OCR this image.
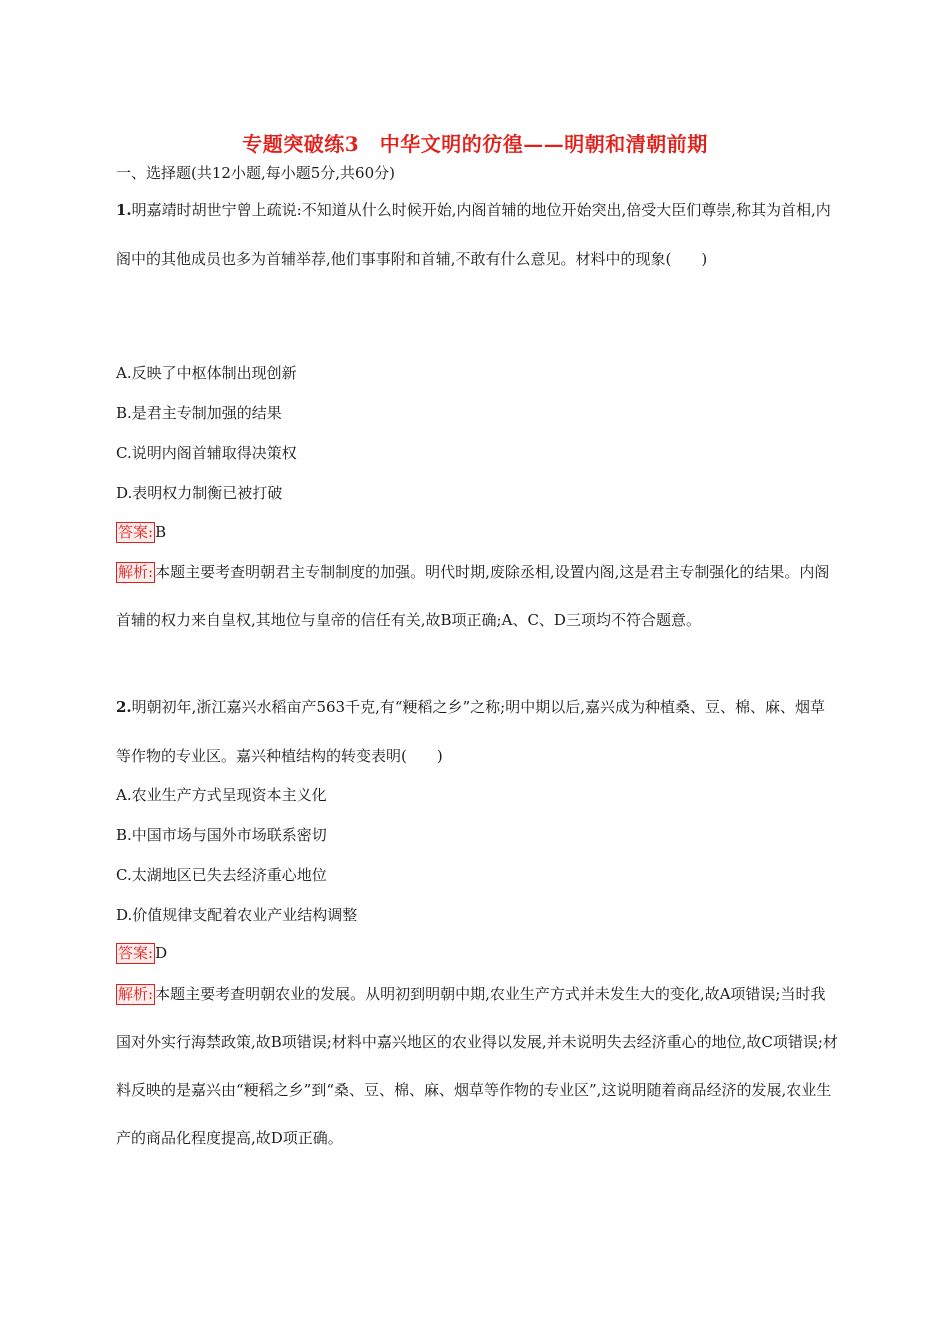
专题突破练3　中华文明的彷徨——明朝和清朝前期
一、选择题(共12小题,每小题5分,共60分)

1.明嘉靖时胡世宁曾上疏说:不知道从什么时候开始,内阁首辅的地位开始突出,倍受大臣们尊崇,称其为首相,内阁中的其他成员也多为首辅举荐,他们事事附和首辅,不敢有什么意见。材料中的现象(　　)

A.反映了中枢体制出现创新

B.是君主专制加强的结果

C.说明内阁首辅取得决策权

D.表明权力制衡已被打破

答案: B

解析: 本题主要考查明朝君主专制制度的加强。明代时期,废除丞相,设置内阁,这是君主专制强化的结果。内阁首辅的权力来自皇权,其地位与皇帝的信任有关,故B项正确;A、C、D三项均不符合题意。

2.明朝初年,浙江嘉兴水稻亩产563千克,有“粳稻之乡”之称;明中期以后,嘉兴成为种植桑、豆、棉、麻、烟草等作物的专业区。嘉兴种植结构的转变表明(　　)

A.农业生产方式呈现资本主义化

B.中国市场与国外市场联系密切

C.太湖地区已失去经济重心地位

D.价值规律支配着农业产业结构调整

答案: D

解析: 本题主要考查明朝农业的发展。从明初到明朝中期,农业生产方式并未发生大的变化,故A项错误;当时我国对外实行海禁政策,故B项错误;材料中嘉兴地区的农业得以发展,并未说明失去经济重心的地位,故C项错误;材料反映的是嘉兴由“粳稻之乡”到“桑、豆、棉、麻、烟草等作物的专业区”,这说明随着商品经济的发展,农业生产的商品化程度提高,故D项正确。
